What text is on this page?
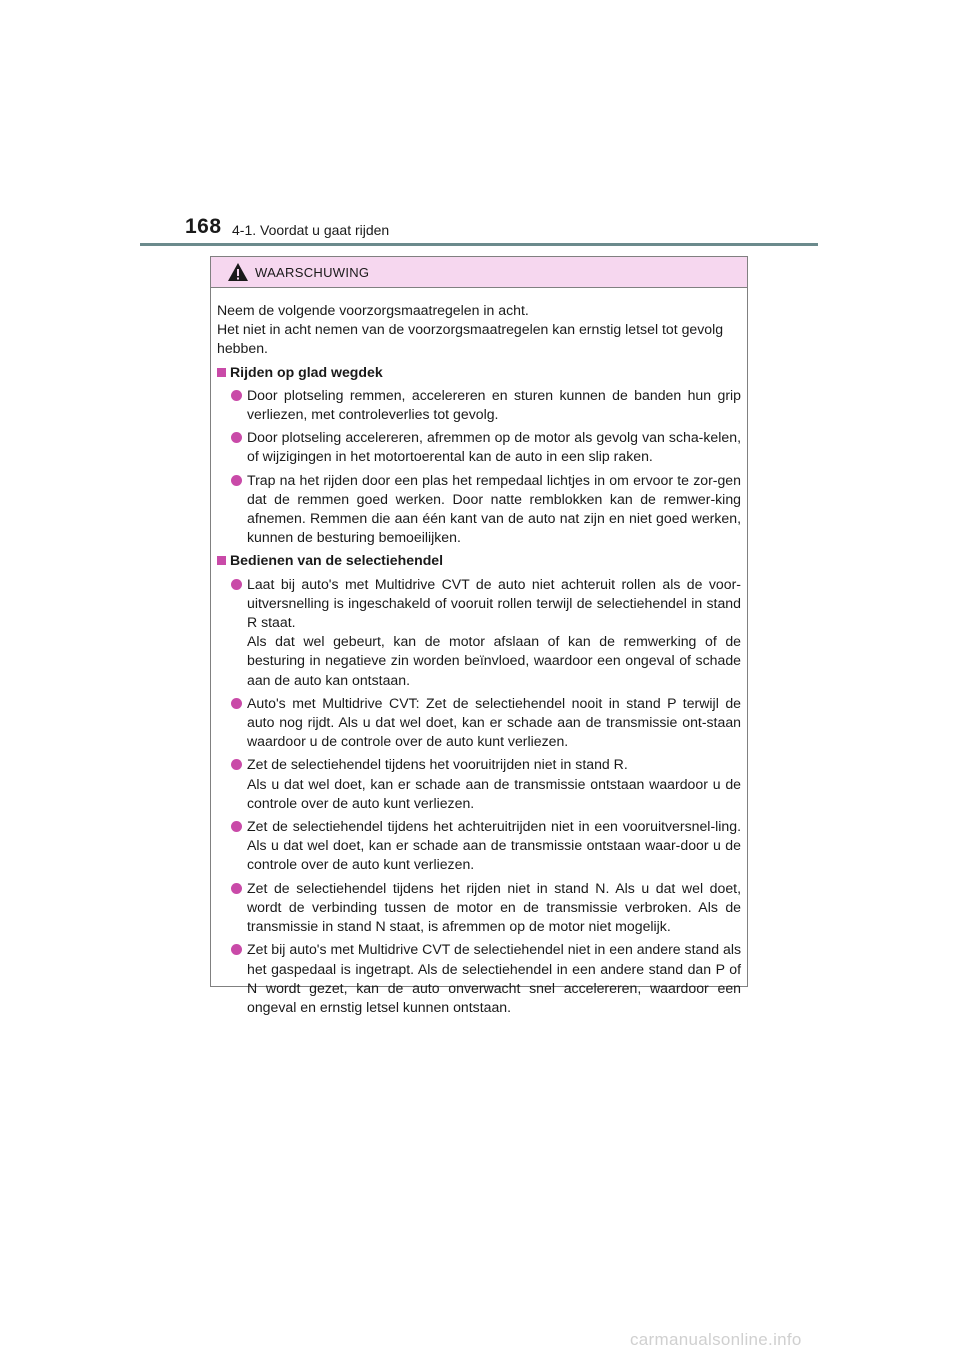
168 4-1. Voordat u gaat rijden
WAARSCHUWING

Neem de volgende voorzorgsmaatregelen in acht.

Het niet in acht nemen van de voorzorgsmaatregelen kan ernstig letsel tot gevolg hebben.

Rijden op glad wegdek

Door plotseling remmen, accelereren en sturen kunnen de banden hun grip verliezen, met controleverlies tot gevolg.

Door plotseling accelereren, afremmen op de motor als gevolg van scha-kelen, of wijzigingen in het motortoerental kan de auto in een slip raken.

Trap na het rijden door een plas het rempedaal lichtjes in om ervoor te zor-gen dat de remmen goed werken. Door natte remblokken kan de remwer-king afnemen. Remmen die aan één kant van de auto nat zijn en niet goed werken, kunnen de besturing bemoeilijken.

Bedienen van de selectiehendel

Laat bij auto's met Multidrive CVT de auto niet achteruit rollen als de voor-uitversnelling is ingeschakeld of vooruit rollen terwijl de selectiehendel in stand R staat.
Als dat wel gebeurt, kan de motor afslaan of kan de remwerking of de besturing in negatieve zin worden beïnvloed, waardoor een ongeval of schade aan de auto kan ontstaan.

Auto's met Multidrive CVT: Zet de selectiehendel nooit in stand P terwijl de auto nog rijdt. Als u dat wel doet, kan er schade aan de transmissie ont-staan waardoor u de controle over de auto kunt verliezen.

Zet de selectiehendel tijdens het vooruitrijden niet in stand R.
Als u dat wel doet, kan er schade aan de transmissie ontstaan waardoor u de controle over de auto kunt verliezen.

Zet de selectiehendel tijdens het achteruitrijden niet in een vooruitversnel-ling. Als u dat wel doet, kan er schade aan de transmissie ontstaan waar-door u de controle over de auto kunt verliezen.

Zet de selectiehendel tijdens het rijden niet in stand N. Als u dat wel doet, wordt de verbinding tussen de motor en de transmissie verbroken. Als de transmissie in stand N staat, is afremmen op de motor niet mogelijk.

Zet bij auto's met Multidrive CVT de selectiehendel niet in een andere stand als het gaspedaal is ingetrapt. Als de selectiehendel in een andere stand dan P of N wordt gezet, kan de auto onverwacht snel accelereren, waardoor een ongeval en ernstig letsel kunnen ontstaan.

carmanualsonline.info
